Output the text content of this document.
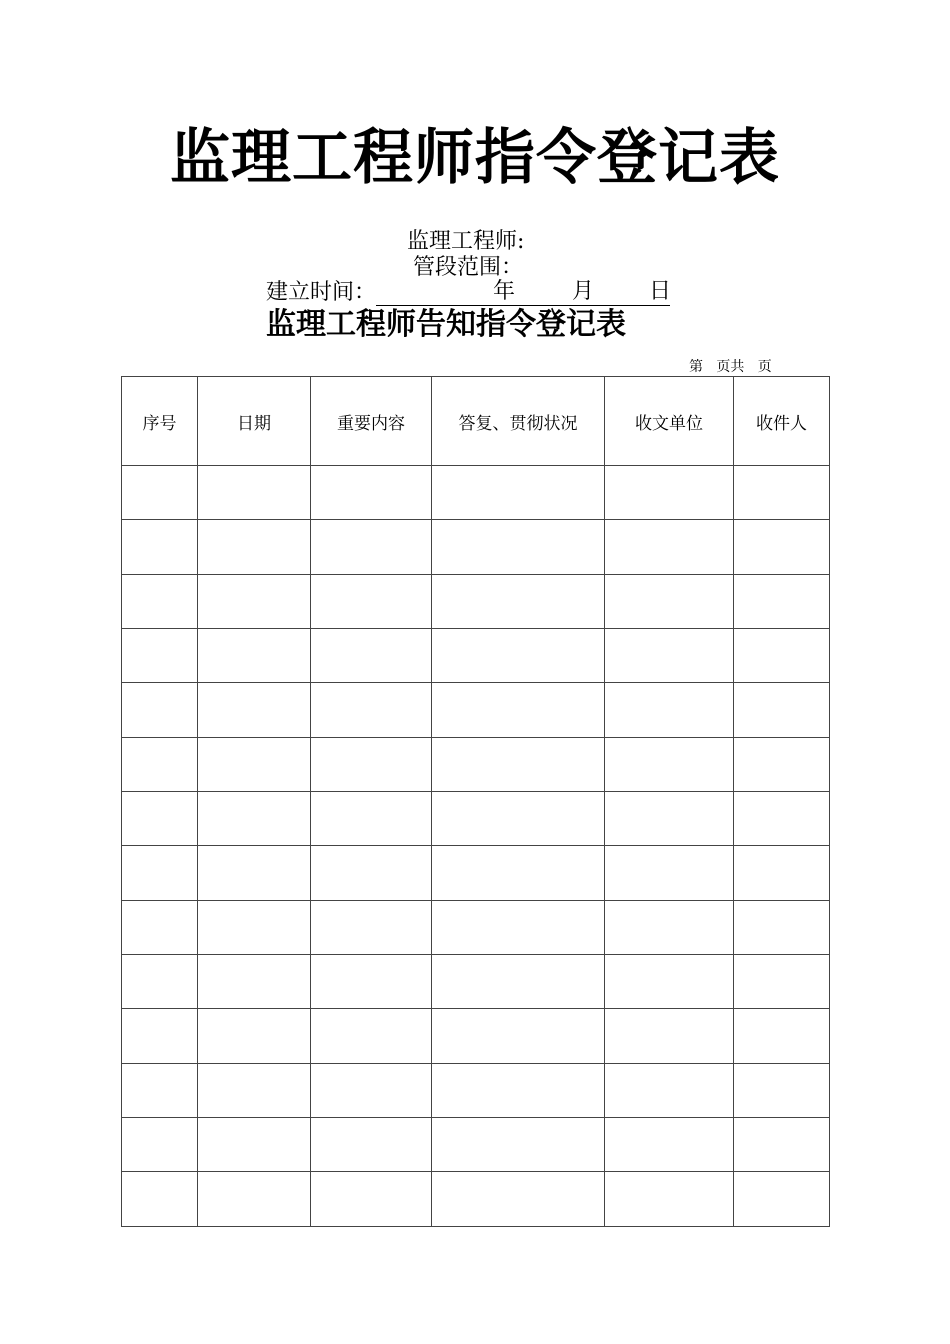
监理工程师指令登记表
监理工程师:
管段范围：
建立时间：	年	月 日
监理工程师告知指令登记表
第   页共   页
序号	日期	重要内容	答复、贯彻状况	收文单位	收件人
